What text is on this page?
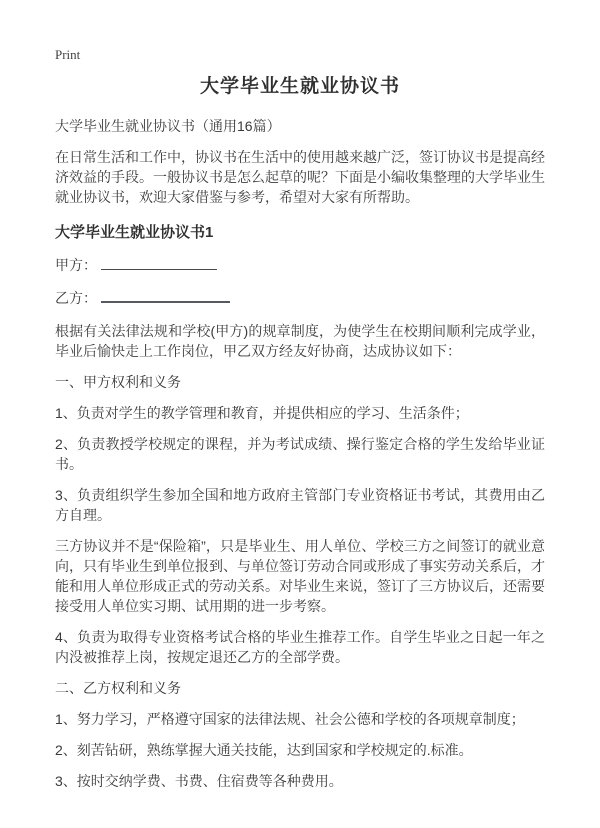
Print
大学毕业生就业协议书
大学毕业生就业协议书（通用16篇）

在日常生活和工作中，协议书在生活中的使用越来越广泛，签订协议书是提高经济效益的手段。一般协议书是怎么起草的呢？下面是小编收集整理的大学毕业生就业协议书，欢迎大家借鉴与参考，希望对大家有所帮助。

大学毕业生就业协议书1
甲方：
乙方：

根据有关法律法规和学校(甲方)的规章制度，为使学生在校期间顺利完成学业，毕业后愉快走上工作岗位，甲乙双方经友好协商，达成协议如下：

一、甲方权利和义务

1、负责对学生的教学管理和教育，并提供相应的学习、生活条件；

2、负责教授学校规定的课程，并为考试成绩、操行鉴定合格的学生发给毕业证书。

3、负责组织学生参加全国和地方政府主管部门专业资格证书考试，其费用由乙方自理。

三方协议并不是“保险箱”，只是毕业生、用人单位、学校三方之间签订的就业意向，只有毕业生到单位报到、与单位签订劳动合同或形成了事实劳动关系后，才能和用人单位形成正式的劳动关系。对毕业生来说，签订了三方协议后，还需要接受用人单位实习期、试用期的进一步考察。

4、负责为取得专业资格考试合格的毕业生推荐工作。自学生毕业之日起一年之内没被推荐上岗，按规定退还乙方的全部学费。

二、乙方权利和义务

1、努力学习，严格遵守国家的法律法规、社会公德和学校的各项规章制度；

2、刻苦钻研，熟练掌握大通关技能，达到国家和学校规定的.标准。

3、按时交纳学费、书费、住宿费等各种费用。
